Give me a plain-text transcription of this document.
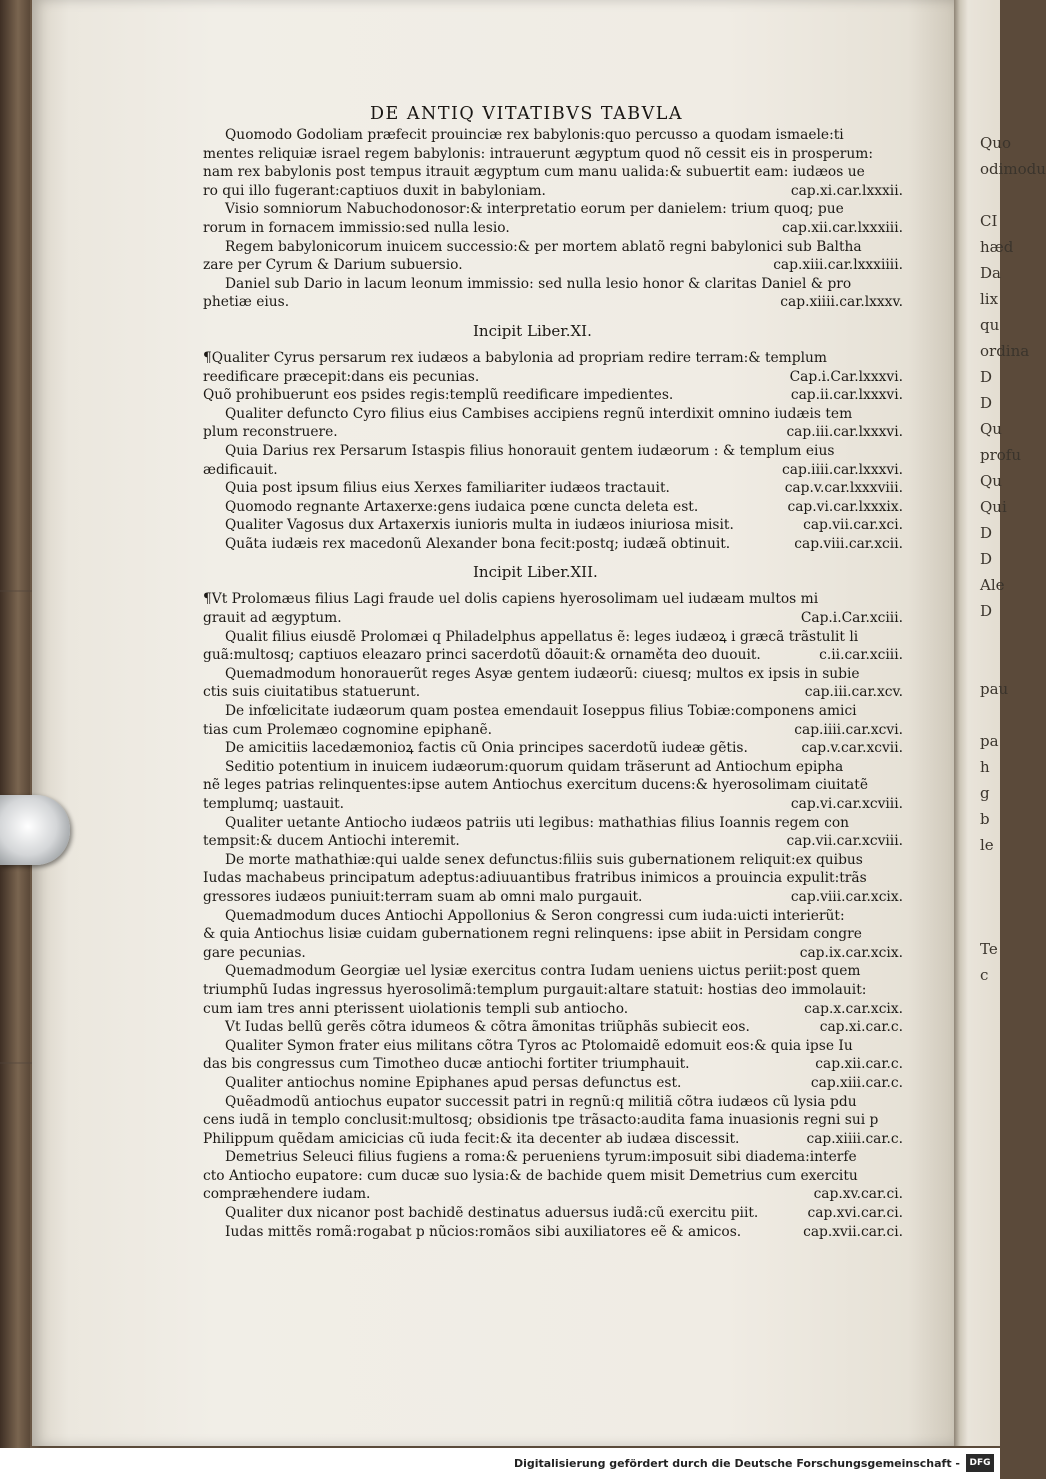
Quo
odimodu

CI
hæd
Da
lix
qu
ordina
D
D
Qu
profu
Qu
Qui
D
D
Ale
D

pau

pa
h
g
b
le

Te
c
DE ANTIQ VITATIBVS TABVLA
Quomodo Godoliam præfecit prouinciæ rex babylonis:quo percusso a quodam ismaele:ti
mentes reliquiæ israel regem babylonis: intrauerunt ægyptum quod nõ cessit eis in prosperum:
nam rex babylonis post tempus itrauit ægyptum cum manu ualida:& subuertit eam: iudæos ue
ro qui illo fugerant:captiuos duxit in babyloniam.	cap.xi.car.lxxxii.
Visio somniorum Nabuchodonosor:& interpretatio eorum per danielem: trium quoq; pue
rorum in fornacem immissio:sed nulla lesio.	cap.xii.car.lxxxiii.
Regem babylonicorum inuicem successio:& per mortem ablatõ regni babylonici sub Baltha
zare per Cyrum & Darium subuersio.	cap.xiii.car.lxxxiiii.
Daniel sub Dario in lacum leonum immissio: sed nulla lesio honor & claritas Daniel & pro
phetiæ eius.	cap.xiiii.car.lxxxv.
Incipit Liber.XI.
¶Qualiter Cyrus persarum rex iudæos a babylonia ad propriam redire terram:& templum
reedificare præcepit:dans eis pecunias.	Cap.i.Car.lxxxvi.
Quõ prohibuerunt eos psides regis:templũ reedificare impedientes.	cap.ii.car.lxxxvi.
Qualiter defuncto Cyro filius eius Cambises accipiens regnũ interdixit omnino iudæis tem
plum reconstruere.	cap.iii.car.lxxxvi.
Quia Darius rex Persarum Istaspis filius honorauit gentem iudæorum : & templum eius
ædificauit.	cap.iiii.car.lxxxvi.
Quia post ipsum filius eius Xerxes familiariter iudæos tractauit.	cap.v.car.lxxxviii.
Quomodo regnante Artaxerxe:gens iudaica pœne cuncta deleta est.	cap.vi.car.lxxxix.
Qualiter Vagosus dux Artaxerxis iunioris multa in iudæos iniuriosa misit.	cap.vii.car.xci.
Quãta iudæis rex macedonũ Alexander bona fecit:postq; iudæã obtinuit.	cap.viii.car.xcii.
Incipit Liber.XII.
¶Vt Prolomæus filius Lagi fraude uel dolis capiens hyerosolimam uel iudæam multos mi
grauit ad ægyptum.	Cap.i.Car.xciii.
Qualit filius eiusdẽ Prolomæi q Philadelphus appellatus ẽ: leges iudæoꝝ i græcã trãstulit li
guã:multosq; captiuos eleazaro princi sacerdotũ dõauit:& ornaměta deo duouit.	c.ii.car.xciii.
Quemadmodum honorauerũt reges Asyæ gentem iudæorũ: ciuesq; multos ex ipsis in subie
ctis suis ciuitatibus statuerunt.	cap.iii.car.xcv.
De infœlicitate iudæorum quam postea emendauit Ioseppus filius Tobiæ:componens amici
tias cum Prolemæo cognomine epiphanẽ.	cap.iiii.car.xcvi.
De amicitiis lacedæmonioꝝ factis cũ Onia principes sacerdotũ iudeæ gẽtis.	cap.v.car.xcvii.
Seditio potentium in inuicem iudæorum:quorum quidam trãserunt ad Antiochum epipha
nẽ leges patrias relinquentes:ipse autem Antiochus exercitum ducens:& hyerosolimam ciuitatẽ
templumq; uastauit.	cap.vi.car.xcviii.
Qualiter uetante Antiocho iudæos patriis uti legibus: mathathias filius Ioannis regem con
tempsit:& ducem Antiochi interemit.	cap.vii.car.xcviii.
De morte mathathiæ:qui ualde senex defunctus:filiis suis gubernationem reliquit:ex quibus
Iudas machabeus principatum adeptus:adiuuantibus fratribus inimicos a prouincia expulit:trãs
gressores iudæos puniuit:terram suam ab omni malo purgauit.	cap.viii.car.xcix.
Quemadmodum duces Antiochi Appollonius & Seron congressi cum iuda:uicti interierũt:
& quia Antiochus lisiæ cuidam gubernationem regni relinquens: ipse abiit in Persidam congre
gare pecunias.	cap.ix.car.xcix.
Quemadmodum Georgiæ uel lysiæ exercitus contra Iudam ueniens uictus periit:post quem
triumphũ Iudas ingressus hyerosolimã:templum purgauit:altare statuit: hostias deo immolauit:
cum iam tres anni pterissent uiolationis templi sub antiocho.	cap.x.car.xcix.
Vt Iudas bellũ gerẽs cõtra idumeos & cõtra ãmonitas triũphãs subiecit eos.	cap.xi.car.c.
Qualiter Symon frater eius militans cõtra Tyros ac Ptolomaidẽ edomuit eos:& quia ipse Iu
das bis congressus cum Timotheo ducæ antiochi fortiter triumphauit.	cap.xii.car.c.
Qualiter antiochus nomine Epiphanes apud persas defunctus est.	cap.xiii.car.c.
Quẽadmodũ antiochus eupator successit patri in regnũ:q militiã cõtra iudæos cũ lysia pdu
cens iudã in templo conclusit:multosq; obsidionis tpe trãsacto:audita fama inuasionis regni sui p
Philippum quẽdam amicicias cũ iuda fecit:& ita decenter ab iudæa discessit.	cap.xiiii.car.c.
Demetrius Seleuci filius fugiens a roma:& perueniens tyrum:imposuit sibi diadema:interfe
cto Antiocho eupatore: cum ducæ suo lysia:& de bachide quem misit Demetrius cum exercitu
compræhendere iudam.	cap.xv.car.ci.
Qualiter dux nicanor post bachidẽ destinatus aduersus iudã:cũ exercitu piit.	cap.xvi.car.ci.
Iudas mittẽs romã:rogabat p nũcios:romãos sibi auxiliatores eẽ & amicos.	cap.xvii.car.ci.
Digitalisierung gefördert durch die Deutsche Forschungsgemeinschaft -	DFG
